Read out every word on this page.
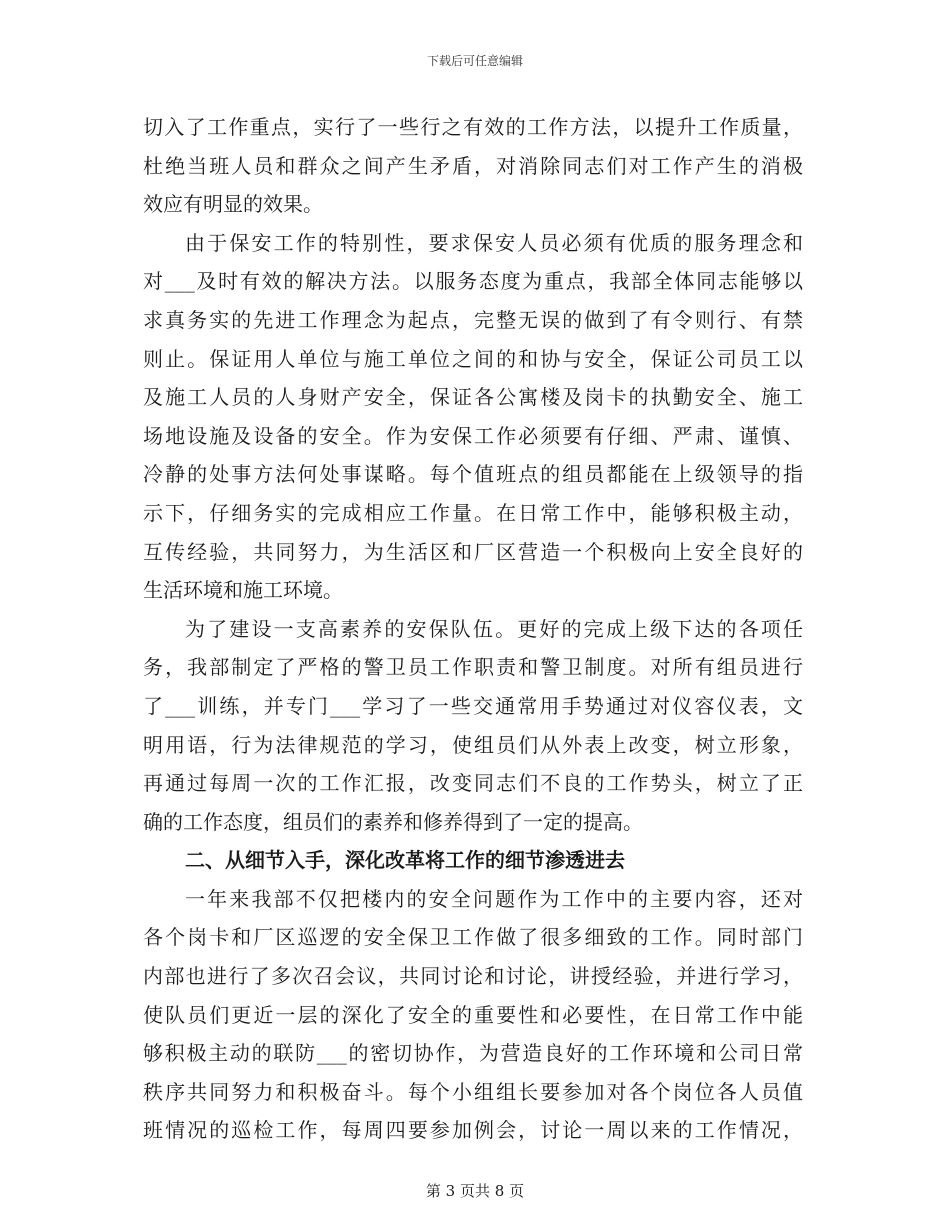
下载后可任意编辑
切入了工作重点，实行了一些行之有效的工作方法，以提升工作质量，
杜绝当班人员和群众之间产生矛盾，对消除同志们对工作产生的消极
效应有明显的效果。
由于保安工作的特别性，要求保安人员必须有优质的服务理念和
对___及时有效的解决方法。以服务态度为重点，我部全体同志能够以
求真务实的先进工作理念为起点，完整无误的做到了有令则行、有禁
则止。保证用人单位与施工单位之间的和协与安全，保证公司员工以
及施工人员的人身财产安全，保证各公寓楼及岗卡的执勤安全、施工
场地设施及设备的安全。作为安保工作必须要有仔细、严肃、谨慎、
冷静的处事方法何处事谋略。每个值班点的组员都能在上级领导的指
示下，仔细务实的完成相应工作量。在日常工作中，能够积极主动，
互传经验，共同努力，为生活区和厂区营造一个积极向上安全良好的
生活环境和施工环境。
为了建设一支高素养的安保队伍。更好的完成上级下达的各项任
务，我部制定了严格的警卫员工作职责和警卫制度。对所有组员进行
了___训练，并专门___学习了一些交通常用手势通过对仪容仪表，文
明用语，行为法律规范的学习，使组员们从外表上改变，树立形象，
再通过每周一次的工作汇报，改变同志们不良的工作势头，树立了正
确的工作态度，组员们的素养和修养得到了一定的提高。
二、从细节入手，深化改革将工作的细节渗透进去
一年来我部不仅把楼内的安全问题作为工作中的主要内容，还对
各个岗卡和厂区巡逻的安全保卫工作做了很多细致的工作。同时部门
内部也进行了多次召会议，共同讨论和讨论，讲授经验，并进行学习，
使队员们更近一层的深化了安全的重要性和必要性，在日常工作中能
够积极主动的联防___的密切协作，为营造良好的工作环境和公司日常
秩序共同努力和积极奋斗。每个小组组长要参加对各个岗位各人员值
班情况的巡检工作，每周四要参加例会，讨论一周以来的工作情况，
第 3 页共 8 页
